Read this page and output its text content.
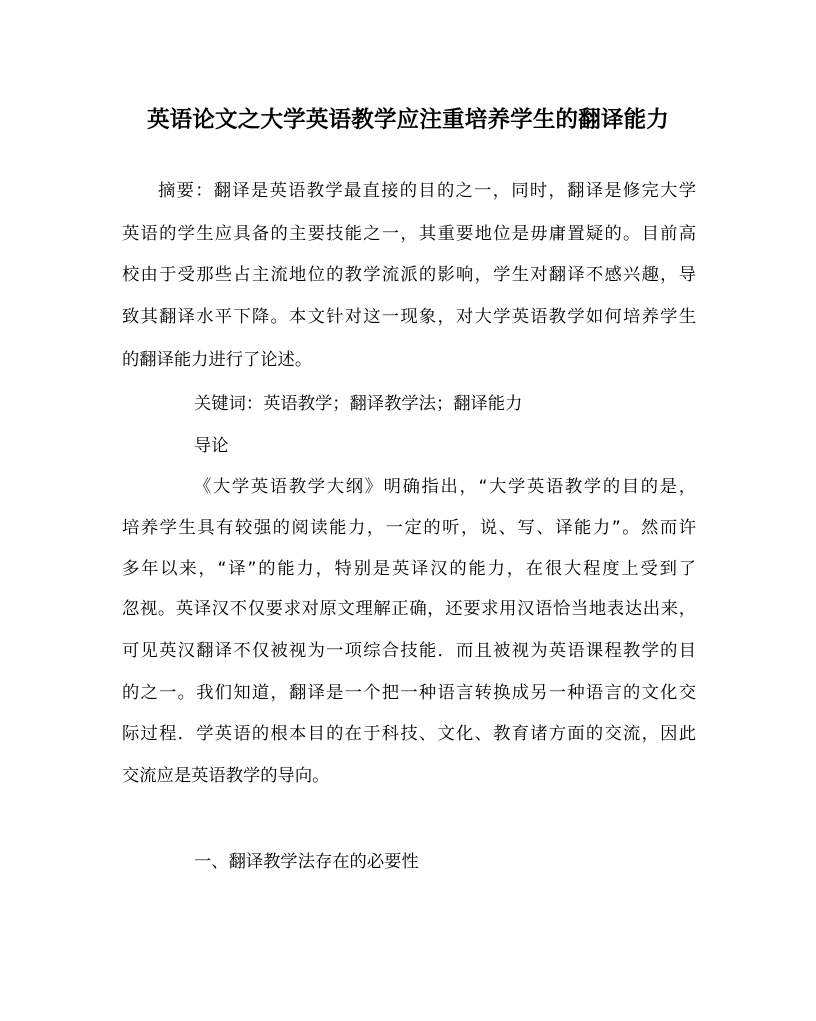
英语论文之大学英语教学应注重培养学生的翻译能力
摘要：翻译是英语教学最直接的目的之一，同时，翻译是修完大学
英语的学生应具备的主要技能之一，其重要地位是毋庸置疑的。目前高
校由于受那些占主流地位的教学流派的影响，学生对翻译不感兴趣，导
致其翻译水平下降。本文针对这一现象，对大学英语教学如何培养学生
的翻译能力进行了论述。
关键词：英语教学；翻译教学法；翻译能力
导论
《大学英语教学大纲》明确指出，“大学英语教学的目的是，
培养学生具有较强的阅读能力，一定的听，说、写、译能力”。然而许
多年以来，“译”的能力，特别是英译汉的能力，在很大程度上受到了
忽视。英译汉不仅要求对原文理解正确，还要求用汉语恰当地表达出来，
可见英汉翻译不仅被视为一项综合技能．而且被视为英语课程教学的目
的之一。我们知道，翻译是一个把一种语言转换成另一种语言的文化交
际过程．学英语的根本目的在于科技、文化、教育诸方面的交流，因此
交流应是英语教学的导向。
一、翻译教学法存在的必要性
